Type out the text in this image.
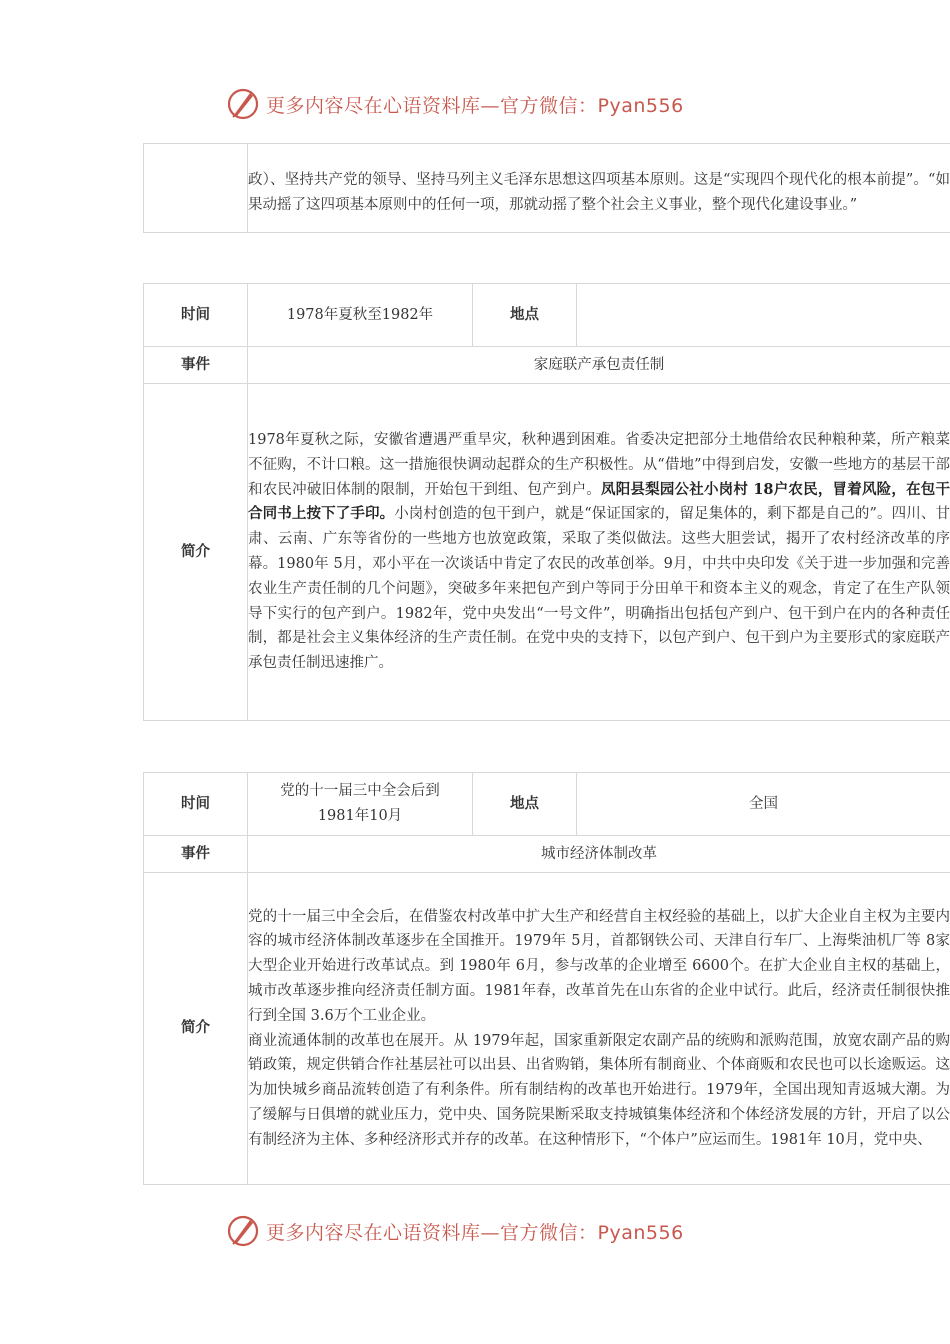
更多内容尽在心语资料库—官方微信：Pyan556
	政）、坚持共产党的领导、坚持马列主义毛泽东思想这四项基本原则。这是“实现四个现代化的根本前提”。“如果动摇了这四项基本原则中的任何一项，那就动摇了整个社会主义事业，整个现代化建设事业。”
时间	1978年夏秋至1982年	地点	
事件	家庭联产承包责任制		
简介	1978年夏秋之际，安徽省遭遇严重旱灾，秋种遇到困难。省委决定把部分土地借给农民种粮种菜，所产粮菜不征购，不计口粮。这一措施很快调动起群众的生产积极性。从“借地”中得到启发，安徽一些地方的基层干部和农民冲破旧体制的限制，开始包干到组、包产到户。凤阳县梨园公社小岗村 18户农民，冒着风险，在包干合同书上按下了手印。小岗村创造的包干到户，就是“保证国家的，留足集体的，剩下都是自己的”。四川、甘肃、云南、广东等省份的一些地方也放宽政策，采取了类似做法。这些大胆尝试，揭开了农村经济改革的序幕。1980年 5月，邓小平在一次谈话中肯定了农民的改革创举。9月，中共中央印发《关于进一步加强和完善农业生产责任制的几个问题》，突破多年来把包产到户等同于分田单干和资本主义的观念，肯定了在生产队领导下实行的包产到户。1982年，党中央发出“一号文件”，明确指出包括包产到户、包干到户在内的各种责任制，都是社会主义集体经济的生产责任制。在党中央的支持下，以包产到户、包干到户为主要形式的家庭联产承包责任制迅速推广。		
时间	党的十一届三中全会后到1981年10月	地点	全国
事件	城市经济体制改革		
简介	党的十一届三中全会后，在借鉴农村改革中扩大生产和经营自主权经验的基础上，以扩大企业自主权为主要内容的城市经济体制改革逐步在全国推开。1979年 5月，首都钢铁公司、天津自行车厂、上海柴油机厂等 8家大型企业开始进行改革试点。到 1980年 6月，参与改革的企业增至 6600个。在扩大企业自主权的基础上，城市改革逐步推向经济责任制方面。1981年春，改革首先在山东省的企业中试行。此后，经济责任制很快推行到全国 3.6万个工业企业。

商业流通体制的改革也在展开。从 1979年起，国家重新限定农副产品的统购和派购范围，放宽农副产品的购销政策，规定供销合作社基层社可以出县、出省购销，集体所有制商业、个体商贩和农民也可以长途贩运。这为加快城乡商品流转创造了有利条件。所有制结构的改革也开始进行。1979年，全国出现知青返城大潮。为了缓解与日俱增的就业压力，党中央、国务院果断采取支持城镇集体经济和个体经济发展的方针，开启了以公有制经济为主体、多种经济形式并存的改革。在这种情形下，“个体户”应运而生。1981年 10月，党中央、		

更多内容尽在心语资料库—官方微信：Pyan556
